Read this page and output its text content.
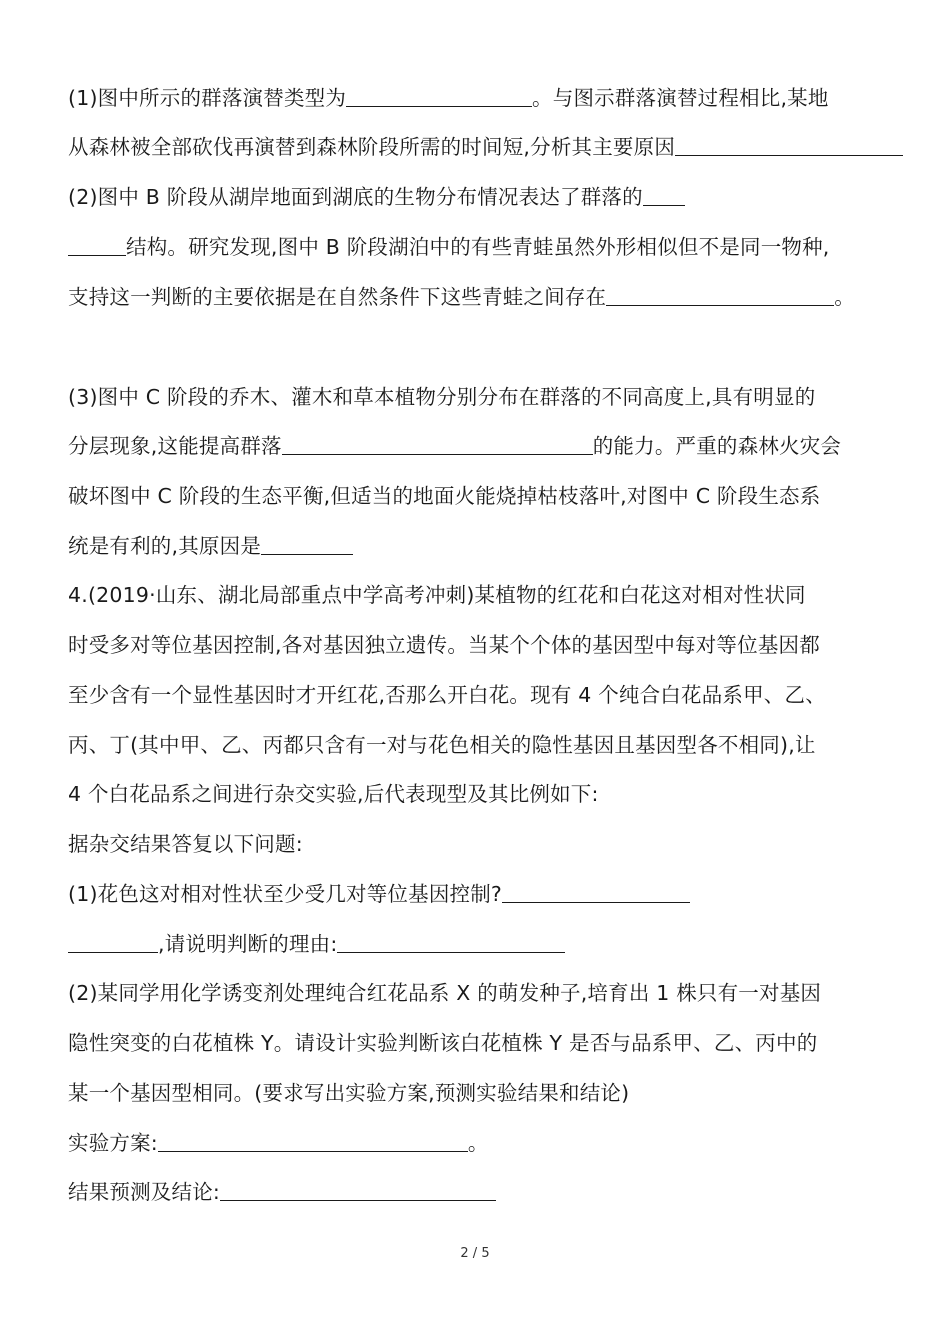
(1)图中所示的群落演替类型为	。与图示群落演替过程相比,某地
从森林被全部砍伐再演替到森林阶段所需的时间短,分析其主要原因
(2)图中 B 阶段从湖岸地面到湖底的生物分布情况表达了群落的
结构。研究发现,图中 B 阶段湖泊中的有些青蛙虽然外形相似但不是同一物种,
支持这一判断的主要依据是在自然条件下这些青蛙之间存在	。
(3)图中 C 阶段的乔木、灌木和草本植物分别分布在群落的不同高度上,具有明显的
分层现象,这能提高群落	的能力。严重的森林火灾会
破坏图中 C 阶段的生态平衡,但适当的地面火能烧掉枯枝落叶,对图中 C 阶段生态系
统是有利的,其原因是
4.(2019·山东、湖北局部重点中学高考冲刺)某植物的红花和白花这对相对性状同
时受多对等位基因控制,各对基因独立遗传。当某个个体的基因型中每对等位基因都
至少含有一个显性基因时才开红花,否那么开白花。现有 4 个纯合白花品系甲、乙、
丙、丁(其中甲、乙、丙都只含有一对与花色相关的隐性基因且基因型各不相同),让
4 个白花品系之间进行杂交实验,后代表现型及其比例如下:
据杂交结果答复以下问题:
(1)花色这对相对性状至少受几对等位基因控制?
,请说明判断的理由:
(2)某同学用化学诱变剂处理纯合红花品系 X 的萌发种子,培育出 1 株只有一对基因
隐性突变的白花植株 Y。请设计实验判断该白花植株 Y 是否与品系甲、乙、丙中的
某一个基因型相同。(要求写出实验方案,预测实验结果和结论)
实验方案:	。
结果预测及结论:
2 / 5
